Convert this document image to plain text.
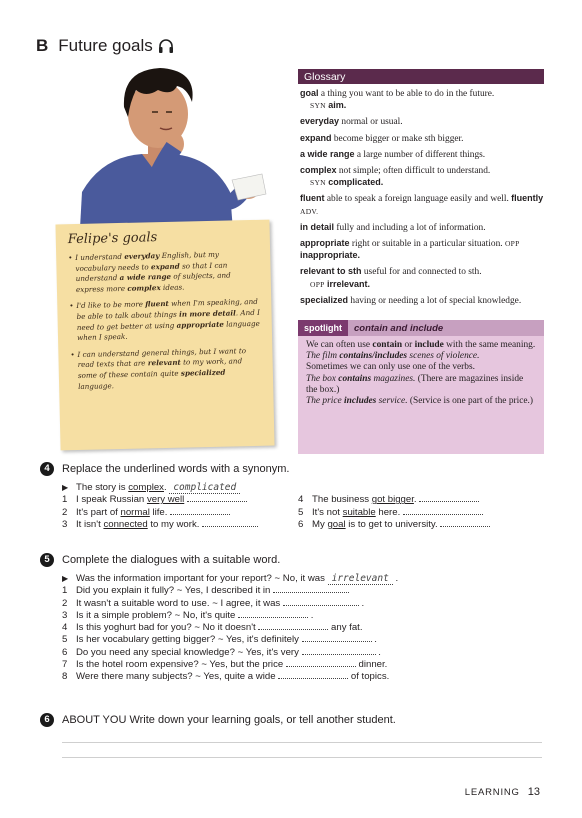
B Future goals
Felipe's goals
• I understand everyday English, but my vocabulary needs to expand so that I can understand a wide range of subjects, and express more complex ideas.
• I'd like to be more fluent when I'm speaking, and be able to talk about things in more detail. And I need to get better at using appropriate language when I speak.
• I can understand general things, but I want to read texts that are relevant to my work, and some of these contain quite specialized language.
Glossary
goal a thing you want to be able to do in the future.
SYN aim.
everyday normal or usual.
expand become bigger or make sth bigger.
a wide range a large number of different things.
complex not simple; often difficult to understand.
SYN complicated.
fluent able to speak a foreign language easily and well. fluently ADV.
in detail fully and including a lot of information.
appropriate right or suitable in a particular situation. OPP inappropriate.
relevant to sth useful for and connected to sth.
OPP irrelevant.
specialized having or needing a lot of special knowledge.
spotlight	contain and include

We can often use contain or include with the same meaning.

The film contains/includes scenes of violence.

Sometimes we can only use one of the verbs.

The box contains magazines. (There are magazines inside the box.)

The price includes service. (Service is one part of the price.)

4	Replace the underlined words with a synonym.
▶ The story is complex. complicated
1 I speak Russian very well
2 It's part of normal life.
3 It isn't connected to my work.
4 The business got bigger.
5 It's not suitable here.
6 My goal is to get to university.
5	Complete the dialogues with a suitable word.
▶ Was the information important for your report? ~ No, it was irrelevant .
1 Did you explain it fully? ~ Yes, I described it in
2 It wasn't a suitable word to use. ~ I agree, it was	.
3 Is it a simple problem? ~ No, it's quite	.
4 Is this yoghurt bad for you? ~ No it doesn't	any fat.
5 Is her vocabulary getting bigger? ~ Yes, it's definitely	.
6 Do you need any special knowledge? ~ Yes, it's very	.
7 Is the hotel room expensive? ~ Yes, but the price	dinner.
8 Were there many subjects? ~ Yes, quite a wide	of topics.
6	ABOUT YOU Write down your learning goals, or tell another student.
LEARNING 13
